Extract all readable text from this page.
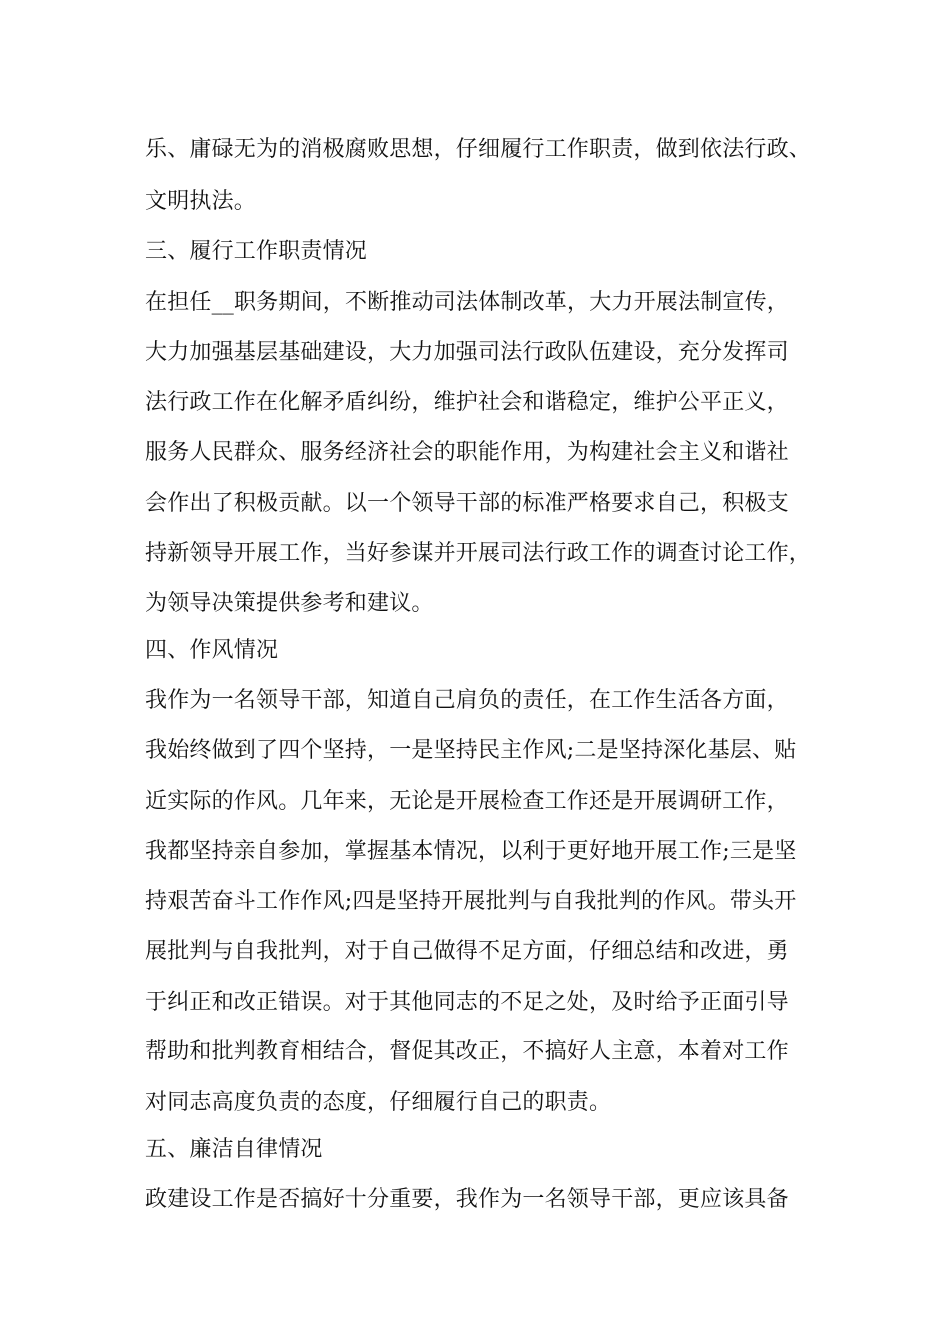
乐、庸碌无为的消极腐败思想，仔细履行工作职责，做到依法行政、
文明执法。
三、履行工作职责情况
在担任__职务期间，不断推动司法体制改革，大力开展法制宣传，
大力加强基层基础建设，大力加强司法行政队伍建设，充分发挥司
法行政工作在化解矛盾纠纷，维护社会和谐稳定，维护公平正义，
服务人民群众、服务经济社会的职能作用，为构建社会主义和谐社
会作出了积极贡献。以一个领导干部的标准严格要求自己，积极支
持新领导开展工作，当好参谋并开展司法行政工作的调查讨论工作，
为领导决策提供参考和建议。
四、作风情况
我作为一名领导干部，知道自己肩负的责任，在工作生活各方面，
我始终做到了四个坚持，一是坚持民主作风;二是坚持深化基层、贴
近实际的作风。几年来，无论是开展检查工作还是开展调研工作，
我都坚持亲自参加，掌握基本情况，以利于更好地开展工作;三是坚
持艰苦奋斗工作作风;四是坚持开展批判与自我批判的作风。带头开
展批判与自我批判，对于自己做得不足方面，仔细总结和改进，勇
于纠正和改正错误。对于其他同志的不足之处，及时给予正面引导
帮助和批判教育相结合，督促其改正，不搞好人主意，本着对工作
对同志高度负责的态度，仔细履行自己的职责。
五、廉洁自律情况
政建设工作是否搞好十分重要，我作为一名领导干部，更应该具备
